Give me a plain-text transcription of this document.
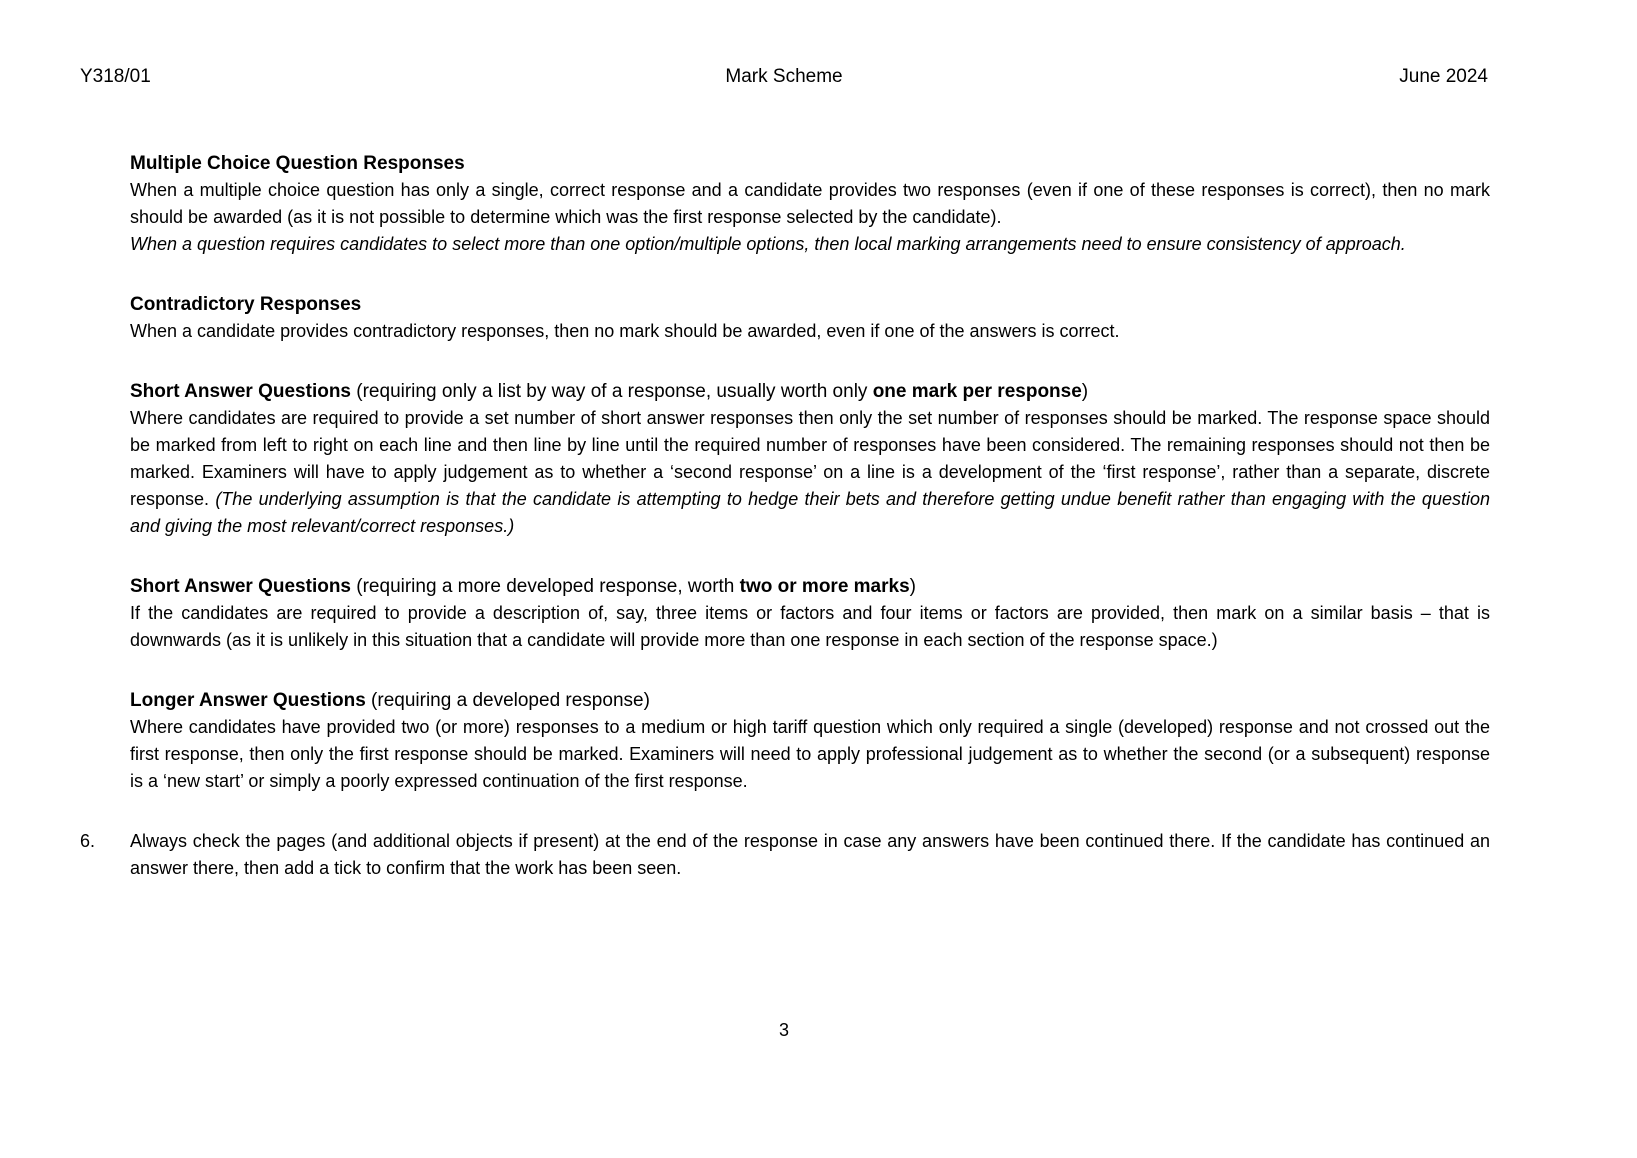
Y318/01	Mark Scheme	June 2024
Multiple Choice Question Responses

When a multiple choice question has only a single, correct response and a candidate provides two responses (even if one of these responses is correct), then no mark should be awarded (as it is not possible to determine which was the first response selected by the candidate).

When a question requires candidates to select more than one option/multiple options, then local marking arrangements need to ensure consistency of approach.

Contradictory Responses

When a candidate provides contradictory responses, then no mark should be awarded, even if one of the answers is correct.

Short Answer Questions (requiring only a list by way of a response, usually worth only one mark per response)

Where candidates are required to provide a set number of short answer responses then only the set number of responses should be marked. The response space should be marked from left to right on each line and then line by line until the required number of responses have been considered. The remaining responses should not then be marked. Examiners will have to apply judgement as to whether a ‘second response’ on a line is a development of the ‘first response’, rather than a separate, discrete response. (The underlying assumption is that the candidate is attempting to hedge their bets and therefore getting undue benefit rather than engaging with the question and giving the most relevant/correct responses.)

Short Answer Questions (requiring a more developed response, worth two or more marks)

If the candidates are required to provide a description of, say, three items or factors and four items or factors are provided, then mark on a similar basis – that is downwards (as it is unlikely in this situation that a candidate will provide more than one response in each section of the response space.)

Longer Answer Questions (requiring a developed response)

Where candidates have provided two (or more) responses to a medium or high tariff question which only required a single (developed) response and not crossed out the first response, then only the first response should be marked. Examiners will need to apply professional judgement as to whether the second (or a subsequent) response is a ‘new start’ or simply a poorly expressed continuation of the first response.

6. Always check the pages (and additional objects if present) at the end of the response in case any answers have been continued there. If the candidate has continued an answer there, then add a tick to confirm that the work has been seen.

3
